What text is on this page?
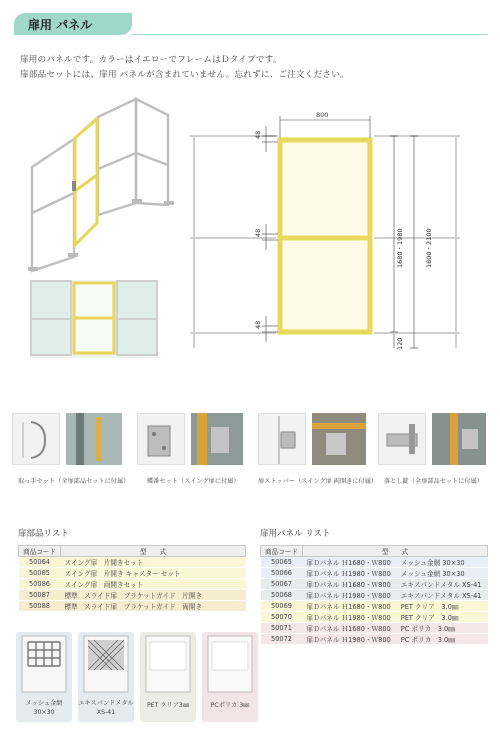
扉用 パネル
扉用のパネルです。カラーはイエローでフレームはＤタイプです。
扉部品セットには、扉用 パネルが含まれていません。忘れずに、ご注文ください。
800
48
48
48
1680・1980	1800・2100
120
取っ手セット（全扉部品セットに付属）	蝶番セット（スイング扉に付属）	扉ストッパー（スイング扉 両開きに付属） 落とし錠（全扉部品セットに付属）
扉部品リスト
商品コード	型　　式
50064	スイング扉　片開きセット
50085	スイング扉　片開き キャスター セット
50086	スイング扉　両開きセット
50087	標準　スライド扉　ブラケットガイド　片開き
50088	標準　スライド扉　ブラケットガイド　両開き
扉用パネル リスト
商品コード	型　　式	
50065	扉Ｄパネル Ｈ1680・Ｗ800	メッシュ金網 30×30
50066	扉Ｄパネル Ｈ1980・Ｗ800	メッシュ金網 30×30
50067	扉Ｄパネル Ｈ1680・Ｗ800	エキスパンドメタル XS-41
50068	扉Ｄパネル Ｈ1980・Ｗ800	エキスパンドメタル XS-41
50069	扉Ｄパネル Ｈ1680・Ｗ800	PET クリア　3.0㎜
50070	扉Ｄパネル Ｈ1980・Ｗ800	PET クリア　3.0㎜
50071	扉Ｄパネル Ｈ1680・Ｗ800	PC ポリカ　3.0㎜
50072	扉Ｄパネル Ｈ1980・Ｗ800	PC ポリカ　3.0㎜
メッシュ金網
30×30
エキスパンドメタル
XS-41
PET クリア3㎜	PCポリカ 3㎜
